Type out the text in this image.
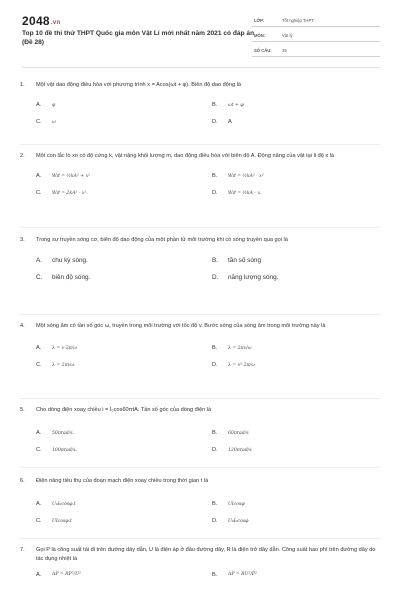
2048.vn
Top 10 đề thi thử THPT Quốc gia môn Vật Lí mới nhất năm 2021 có đáp án (Đề 28)
LỚP:	Tốt nghiệp THPT
MÔN:	Vật lý
SỐ CÂU:	39
1. Một vật dao động điều hòa với phương trình x = Acos(ωt + φ). Biên độ dao động là
A.	φ	B.	ωt + φ
C.	ω	D.	A
2. Một con lắc lò xo có độ cứng k, vật nặng khối lượng m, dao động điều hòa với biên độ A. Động năng của vật tại li độ x là
A.	Wđ = ½kA² + x²	B.	Wđ = ½kA² - x²
C.	Wđ = 2kA² - x².	D.	Wđ = ½kA - x.
3. Trong sự truyền sóng cơ, biên độ dao động của một phần tử môi trường khi có sóng truyền qua gọi là
A.	chu kỳ sóng.	B.	tần số sóng
C.	biên độ sóng.	D.	năng lượng sóng.
4. Một sóng âm có tần số góc ω, truyền trong môi trường với tốc độ v. Bước sóng của sóng âm trong môi trường này là
A.	λ = v·2π/ω	B.	λ = 2πv/ω
C.	λ = 2πvω.	D.	λ = v²·2π/ω
5. Cho dòng điện xoay chiều i = I₀cos60πtA. Tần số góc của dòng điện là
A.	50πrad/s.	B.	60πrad/s
C.	100πrad/s.	D.	120πrad/s
6. Điện năng tiêu thụ của đoạn mạch điện xoay chiều trong thời gian t là
A.	U₀I₀cosφ.t	B.	UIcosφ
C.	UIcosφ.t	D.	U₀I₀cosφ
7. Gọi P là công suất tải đi trên đường dây dẫn, U là điện áp ở đầu đường dây, R là điện trở dây dẫn. Công suất hao phí trên đường dây do tác dụng nhiệt là
A.	ΔP = RP²/U²	B.	ΔP = RU²/P²
